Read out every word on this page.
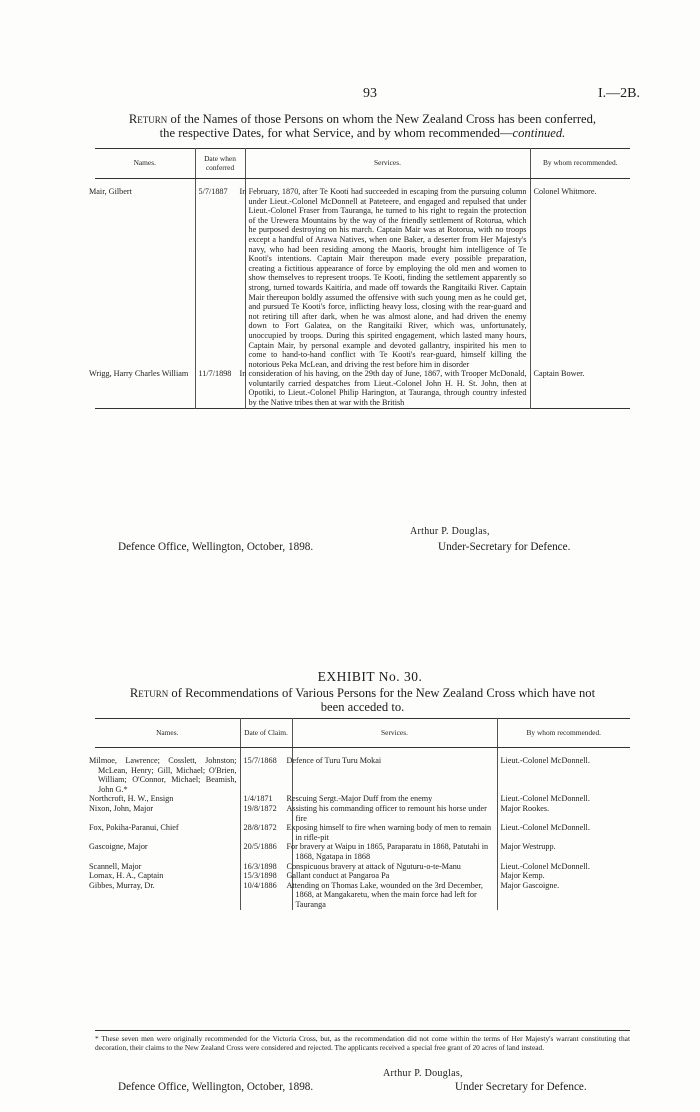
93	I.—2B.
Return of the Names of those Persons on whom the New Zealand Cross has been conferred,
the respective Dates, for what Service, and by whom recommended—continued.
Names.	Date when conferred	Services.	By whom recommended.

Mair, Gilbert	5/7/1887	In February, 1870, after Te Kooti had succeeded in escaping from the pursuing column under Lieut.-Colonel McDonnell at Pateteere, and engaged and repulsed that under Lieut.-Colonel Fraser from Tauranga, he turned to his right to regain the protection of the Urewera Mountains by the way of the friendly settlement of Rotorua, which he purposed destroying on his march. Captain Mair was at Rotorua, with no troops except a handful of Arawa Natives, when one Baker, a deserter from Her Majesty's navy, who had been residing among the Maoris, brought him intelligence of Te Kooti's intentions. Captain Mair thereupon made every possible preparation, creating a fictitious appearance of force by employing the old men and women to show themselves to represent troops. Te Kooti, finding the settlement apparently so strong, turned towards Kaitiria, and made off towards the Rangitaiki River. Captain Mair thereupon boldly assumed the offensive with such young men as he could get, and pursued Te Kooti's force, inflicting heavy loss, closing with the rear-guard and not retiring till after dark, when he was almost alone, and had driven the enemy down to Fort Galatea, on the Rangitaiki River, which was, unfortunately, unoccupied by troops. During this spirited engagement, which lasted many hours, Captain Mair, by personal example and devoted gallantry, inspirited his men to come to hand-to-hand conflict with Te Kooti's rear-guard, himself killing the notorious Peka McLean, and driving the rest before him in disorder	Colonel Whitmore.
Wrigg, Harry Charles William	11/7/1898	In consideration of his having, on the 29th day of June, 1867, with Trooper McDonald, voluntarily carried despatches from Lieut.-Colonel John H. H. St. John, then at Opotiki, to Lieut.-Colonel Philip Harington, at Tauranga, through country infested by the Native tribes then at war with the British	Captain Bower.

Arthur P. Douglas,
Defence Office, Wellington, October, 1898.	Under-Secretary for Defence.
EXHIBIT No. 30.
Return of Recommendations of Various Persons for the New Zealand Cross which have not
been acceded to.
Names.	Date of Claim.	Services.	By whom recommended.

Milmoe, Lawrence; Cosslett, Johnston; McLean, Henry; Gill, Michael; O'Brien, William; O'Connor, Michael; Beamish, John G.*	15/7/1868	Defence of Turu Turu Mokai	Lieut.-Colonel McDonnell.
Northcroft, H. W., Ensign	1/4/1871	Rescuing Sergt.-Major Duff from the enemy	Lieut.-Colonel McDonnell.
Nixon, John, Major	19/8/1872	Assisting his commanding officer to remount his horse under fire	Major Rookes.
Fox, Pokiha-Paranui, Chief	28/8/1872	Exposing himself to fire when warning body of men to remain in rifle-pit	Lieut.-Colonel McDonnell.
Gascoigne, Major	20/5/1886	For bravery at Waipu in 1865, Paraparatu in 1868, Patutahi in 1868, Ngatapa in 1868	Major Westrupp.
Scannell, Major	16/3/1898	Conspicuous bravery at attack of Nguturu-o-te-Manu	Lieut.-Colonel McDonnell.
Lomax, H. A., Captain	15/3/1898	Gallant conduct at Pangaroa Pa	Major Kemp.
Gibbes, Murray, Dr.	10/4/1886	Attending on Thomas Lake, wounded on the 3rd December, 1868, at Mangakaretu, when the main force had left for Tauranga	Major Gascoigne.
* These seven men were originally recommended for the Victoria Cross, but, as the recommendation did not come within the terms of Her Majesty's warrant constituting that decoration, their claims to the New Zealand Cross were considered and rejected. The applicants received a special free grant of 20 acres of land instead.
Arthur P. Douglas,
Defence Office, Wellington, October, 1898.	Under Secretary for Defence.
